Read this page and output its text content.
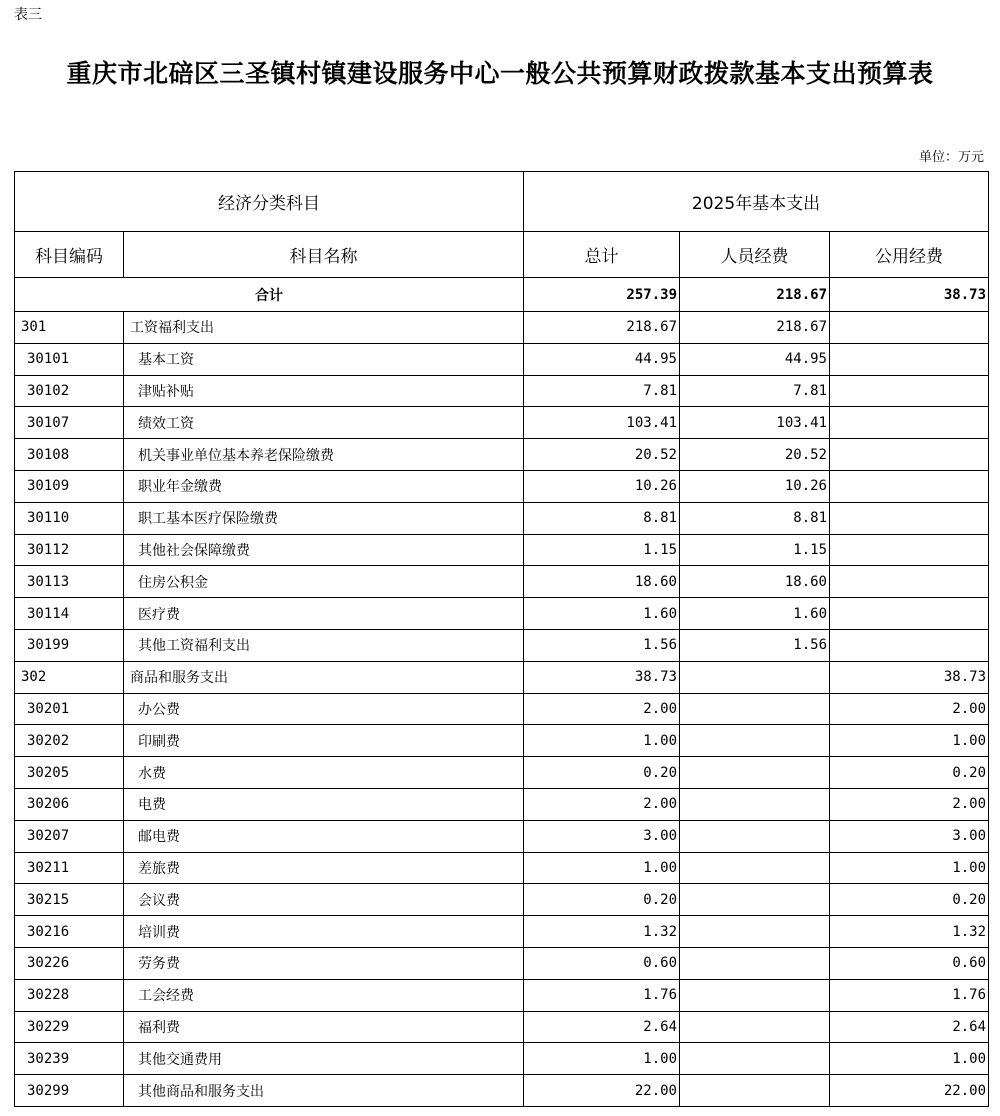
表三
重庆市北碚区三圣镇村镇建设服务中心一般公共预算财政拨款基本支出预算表
单位：万元
经济分类科目		2025年基本支出		
科目编码	科目名称	总计	人员经费	公用经费
合计		257.39	218.67	38.73
301	工资福利支出	218.67	218.67	
30101	基本工资	44.95	44.95	
30102	津贴补贴	7.81	7.81	
30107	绩效工资	103.41	103.41	
30108	机关事业单位基本养老保险缴费	20.52	20.52	
30109	职业年金缴费	10.26	10.26	
30110	职工基本医疗保险缴费	8.81	8.81	
30112	其他社会保障缴费	1.15	1.15	
30113	住房公积金	18.60	18.60	
30114	医疗费	1.60	1.60	
30199	其他工资福利支出	1.56	1.56	
302	商品和服务支出	38.73		38.73
30201	办公费	2.00		2.00
30202	印刷费	1.00		1.00
30205	水费	0.20		0.20
30206	电费	2.00		2.00
30207	邮电费	3.00		3.00
30211	差旅费	1.00		1.00
30215	会议费	0.20		0.20
30216	培训费	1.32		1.32
30226	劳务费	0.60		0.60
30228	工会经费	1.76		1.76
30229	福利费	2.64		2.64
30239	其他交通费用	1.00		1.00
30299	其他商品和服务支出	22.00		22.00
